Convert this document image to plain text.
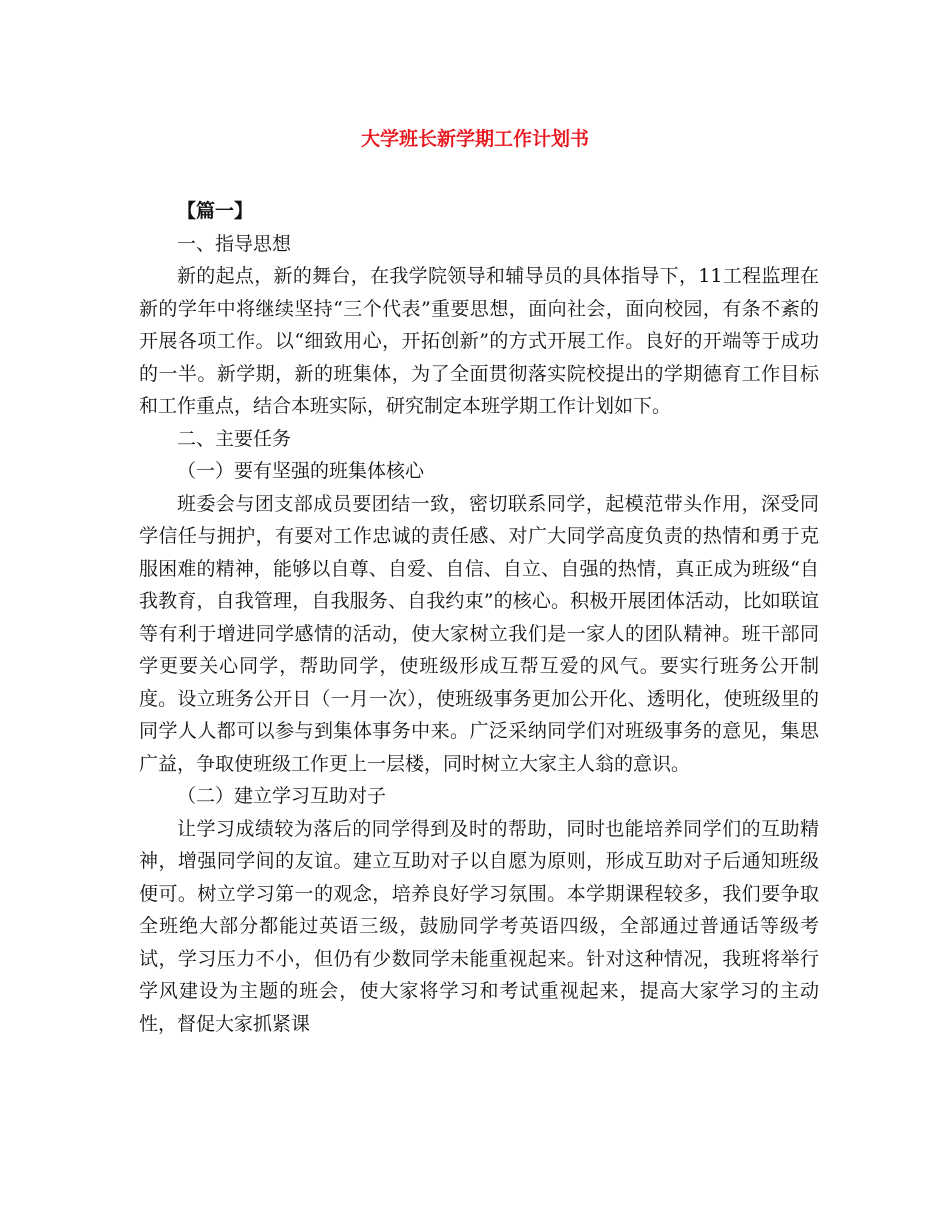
大学班长新学期工作计划书

【篇一】

一、指导思想

新的起点，新的舞台，在我学院领导和辅导员的具体指导下，11工程监理在新的学年中将继续坚持“三个代表”重要思想，面向社会，面向校园，有条不紊的开展各项工作。以“细致用心，开拓创新”的方式开展工作。良好的开端等于成功的一半。新学期，新的班集体，为了全面贯彻落实院校提出的学期德育工作目标和工作重点，结合本班实际，研究制定本班学期工作计划如下。

二、主要任务

（一）要有坚强的班集体核心

班委会与团支部成员要团结一致，密切联系同学，起模范带头作用，深受同学信任与拥护，有要对工作忠诚的责任感、对广大同学高度负责的热情和勇于克服困难的精神，能够以自尊、自爱、自信、自立、自强的热情，真正成为班级“自我教育，自我管理，自我服务、自我约束”的核心。积极开展团体活动，比如联谊等有利于增进同学感情的活动，使大家树立我们是一家人的团队精神。班干部同学更要关心同学，帮助同学，使班级形成互帮互爱的风气。要实行班务公开制度。设立班务公开日（一月一次），使班级事务更加公开化、透明化，使班级里的同学人人都可以参与到集体事务中来。广泛采纳同学们对班级事务的意见，集思广益，争取使班级工作更上一层楼，同时树立大家主人翁的意识。

（二）建立学习互助对子

让学习成绩较为落后的同学得到及时的帮助，同时也能培养同学们的互助精神，增强同学间的友谊。建立互助对子以自愿为原则，形成互助对子后通知班级便可。树立学习第一的观念，培养良好学习氛围。本学期课程较多，我们要争取全班绝大部分都能过英语三级，鼓励同学考英语四级，全部通过普通话等级考试，学习压力不小，但仍有少数同学未能重视起来。针对这种情况，我班将举行学风建设为主题的班会，使大家将学习和考试重视起来，提高大家学习的主动性，督促大家抓紧课
